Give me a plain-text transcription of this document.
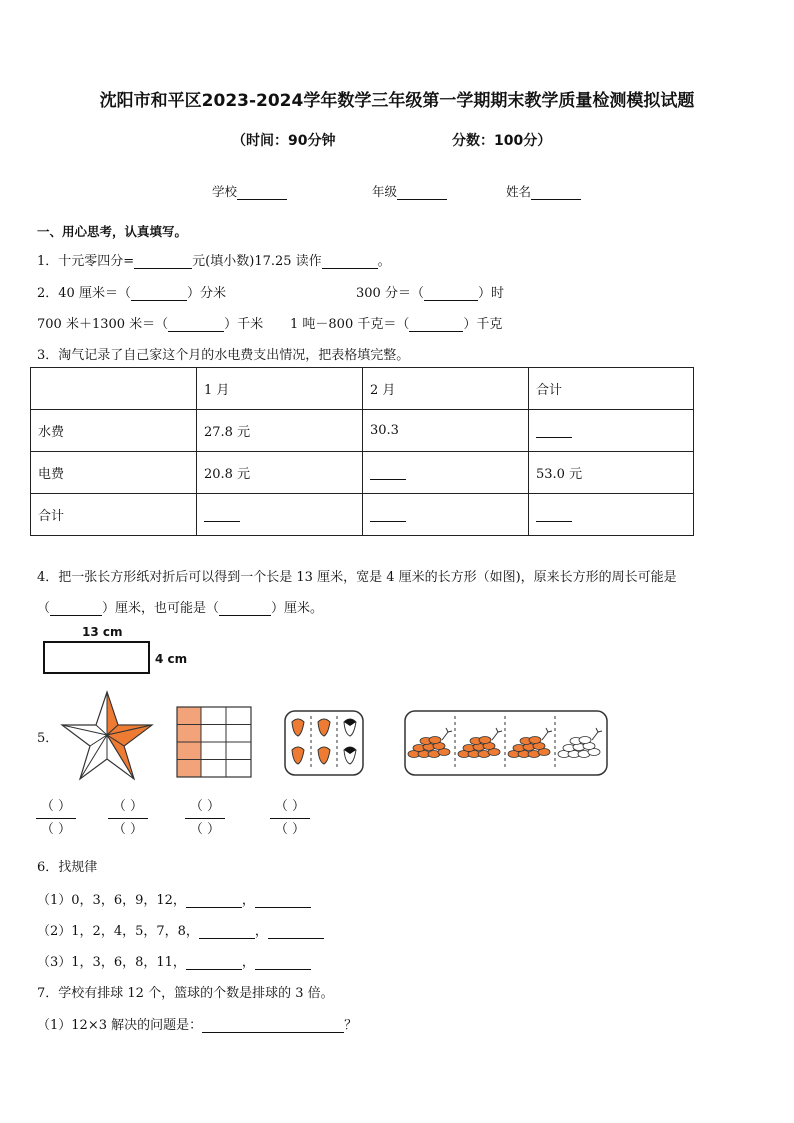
沈阳市和平区2023-2024学年数学三年级第一学期期末教学质量检测模拟试题
（时间：90分钟	分数：100分）
学校	年级	姓名
一、用心思考，认真填写。
1．十元零四分=	元(填小数)17.25 读作	。
2．40 厘米＝（	）分米	300 分＝（	）时
700 米＋1300 米＝（	）千米 1 吨－800 千克＝（	）千克
3．淘气记录了自己家这个月的水电费支出情况，把表格填完整。
	1 月	2 月	合计
水费	27.8 元	30.3	
电费	20.8 元		53.0 元
合计			
4．把一张长方形纸对折后可以得到一个长是 13 厘米，宽是 4 厘米的长方形（如图)，原来长方形的周长可能是
（	）厘米，也可能是（	）厘米。
13 cm
4 cm
5．
（ ）
（ ）
（ ）
（ ）
（ ）
（ ）
（ ）
（ ）
6．找规律
（1）0，3，6，9，12，	，
（2）1，2，4，5，7，8，	，
（3）1，3，6，8，11，	，
7．学校有排球 12 个，篮球的个数是排球的 3 倍。
（1）12×3 解决的问题是：	？
